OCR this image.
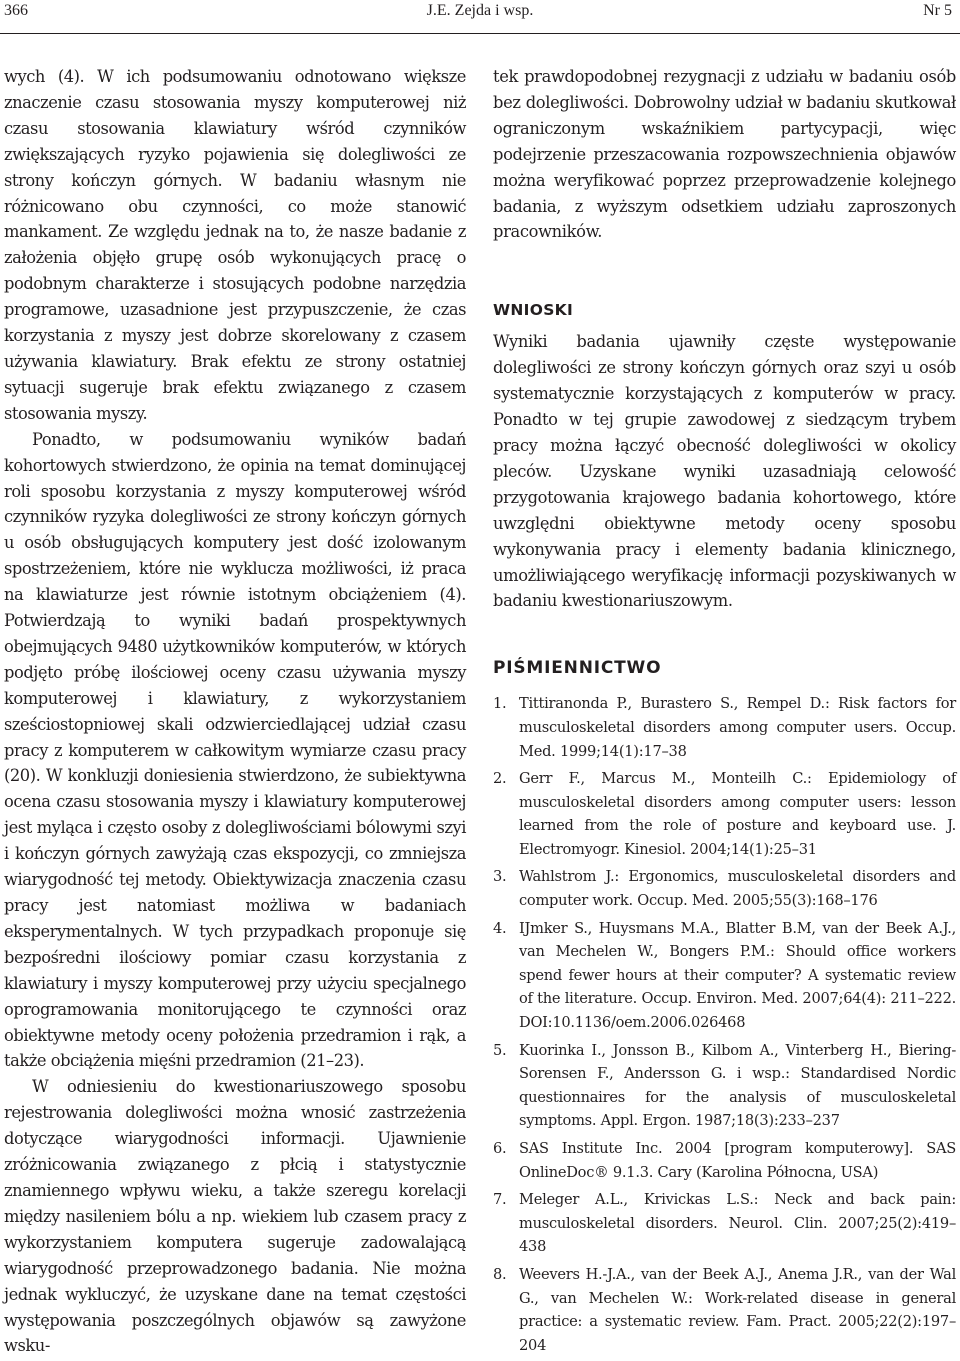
366	J.E. Zejda i wsp.	Nr 5

wych (4). W ich podsumowaniu odnotowano większe znaczenie czasu stosowania myszy komputerowej niż czasu stosowania klawiatury wśród czynników zwiększających ryzyko pojawienia się dolegliwości ze strony kończyn górnych. W badaniu własnym nie różnicowano obu czynności, co może stanowić mankament. Ze względu jednak na to, że nasze badanie z założenia objęło grupę osób wykonujących pracę o podobnym charakterze i stosujących podobne narzędzia programowe, uzasadnione jest przypuszczenie, że czas korzystania z myszy jest dobrze skorelowany z czasem używania klawiatury. Brak efektu ze strony ostatniej sytuacji sugeruje brak efektu związanego z czasem stosowania myszy.

Ponadto, w podsumowaniu wyników badań kohortowych stwierdzono, że opinia na temat dominującej roli sposobu korzystania z myszy komputerowej wśród czynników ryzyka dolegliwości ze strony kończyn górnych u osób obsługujących komputery jest dość izolowanym spostrzeżeniem, które nie wyklucza możliwości, iż praca na klawiaturze jest równie istotnym obciążeniem (4). Potwierdzają to wyniki badań prospektywnych obejmujących 9480 użytkowników komputerów, w których podjęto próbę ilościowej oceny czasu używania myszy komputerowej i klawiatury, z wykorzystaniem sześciostopniowej skali odzwierciedlającej udział czasu pracy z komputerem w całkowitym wymiarze czasu pracy (20). W konkluzji doniesienia stwierdzono, że subiektywna ocena czasu stosowania myszy i klawiatury komputerowej jest myląca i często osoby z dolegliwościami bólowymi szyi i kończyn górnych zawyżają czas ekspozycji, co zmniejsza wiarygodność tej metody. Obiektywizacja znaczenia czasu pracy jest natomiast możliwa w badaniach eksperymentalnych. W tych przypadkach proponuje się bezpośredni ilościowy pomiar czasu korzystania z klawiatury i myszy komputerowej przy użyciu specjalnego oprogramowania monitorującego te czynności oraz obiektywne metody oceny położenia przedramion i rąk, a także obciążenia mięśni przedramion (21–23).

W odniesieniu do kwestionariuszowego sposobu rejestrowania dolegliwości można wnosić zastrzeżenia dotyczące wiarygodności informacji. Ujawnienie zróżnicowania związanego z płcią i statystycznie znamiennego wpływu wieku, a także szeregu korelacji między nasileniem bólu a np. wiekiem lub czasem pracy z wykorzystaniem komputera sugeruje zadowalającą wiarygodność przeprowadzonego badania. Nie można jednak wykluczyć, że uzyskane dane na temat częstości występowania poszczególnych objawów są zawyżone wsku-

tek prawdopodobnej rezygnacji z udziału w badaniu osób bez dolegliwości. Dobrowolny udział w badaniu skutkował ograniczonym wskaźnikiem partycypacji, więc podejrzenie przeszacowania rozpowszechnienia objawów można weryfikować poprzez przeprowadzenie kolejnego badania, z wyższym odsetkiem udziału zaproszonych pracowników.

WNIOSKI

Wyniki badania ujawniły częste występowanie dolegliwości ze strony kończyn górnych oraz szyi u osób systematycznie korzystających z komputerów w pracy. Ponadto w tej grupie zawodowej z siedzącym trybem pracy można łączyć obecność dolegliwości w okolicy pleców. Uzyskane wyniki uzasadniają celowość przygotowania krajowego badania kohortowego, które uwzględni obiektywne metody oceny sposobu wykonywania pracy i elementy badania klinicznego, umożliwiającego weryfikację informacji pozyskiwanych w badaniu kwestionariuszowym.

PIŚMIENNICTWO
1. Tittiranonda P., Burastero S., Rempel D.: Risk factors for musculoskeletal disorders among computer users. Occup. Med. 1999;14(1):17–38
2. Gerr F., Marcus M., Monteilh C.: Epidemiology of musculoskeletal disorders among computer users: lesson learned from the role of posture and keyboard use. J. Electromyogr. Kinesiol. 2004;14(1):25–31
3. Wahlstrom J.: Ergonomics, musculoskeletal disorders and computer work. Occup. Med. 2005;55(3):168–176
4. IJmker S., Huysmans M.A., Blatter B.M, van der Beek A.J., van Mechelen W., Bongers P.M.: Should office workers spend fewer hours at their computer? A systematic review of the literature. Occup. Environ. Med. 2007;64(4): 211–222. DOI:10.1136/oem.2006.026468
5. Kuorinka I., Jonsson B., Kilbom A., Vinterberg H., Biering-Sorensen F., Andersson G. i wsp.: Standardised Nordic questionnaires for the analysis of musculoskeletal symptoms. Appl. Ergon. 1987;18(3):233–237
6. SAS Institute Inc. 2004 [program komputerowy]. SAS OnlineDoc® 9.1.3. Cary (Karolina Północna, USA)
7. Meleger A.L., Krivickas L.S.: Neck and back pain: musculoskeletal disorders. Neurol. Clin. 2007;25(2):419–438
8. Weevers H.-J.A., van der Beek A.J., Anema J.R., van der Wal G., van Mechelen W.: Work-related disease in general practice: a systematic review. Fam. Pract. 2005;22(2):197–204
